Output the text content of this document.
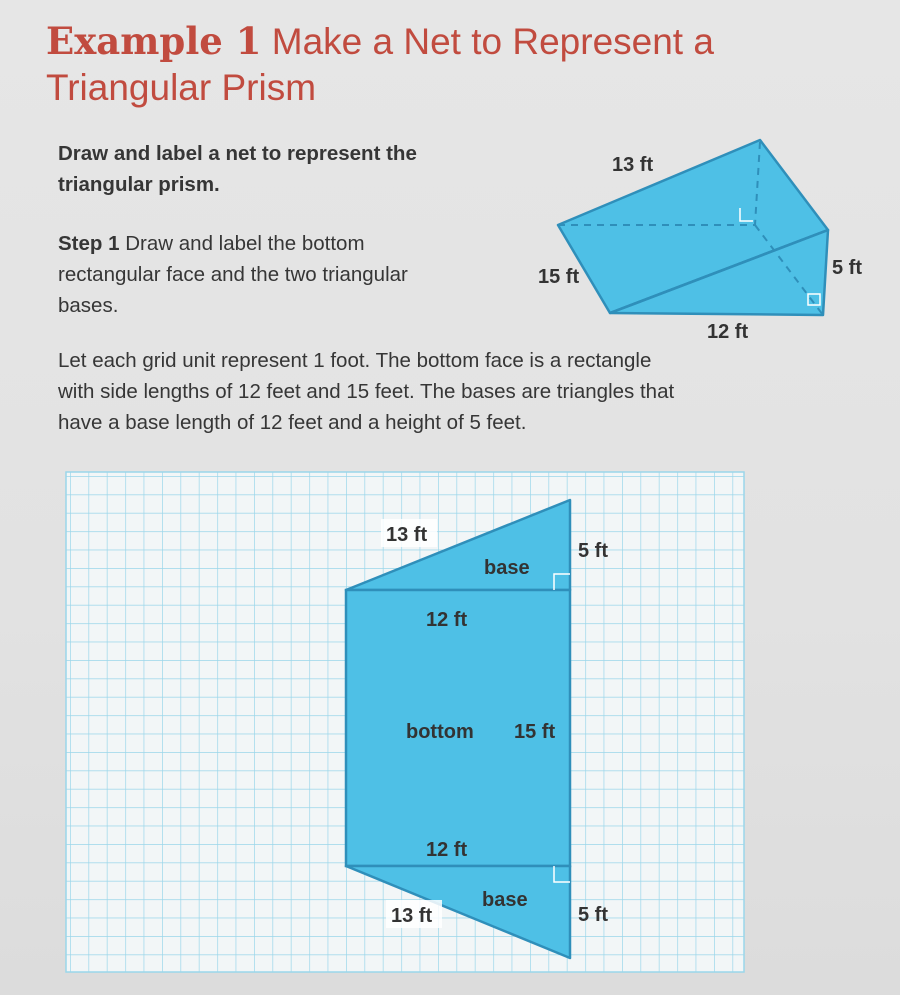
Example 1 Make a Net to Represent a
Triangular Prism

Draw and label a net to represent the
triangular prism.

Step 1 Draw and label the bottom
rectangular face and the two triangular
bases.

Let each grid unit represent 1 foot. The bottom face is a rectangle
with side lengths of 12 feet and 15 feet. The bases are triangles that
have a base length of 12 feet and a height of 5 feet.

13 ft
15 ft	5 ft
12 ft
13 ft
base
5 ft
12 ft
bottom 15 ft
12 ft
base
13 ft	5 ft
